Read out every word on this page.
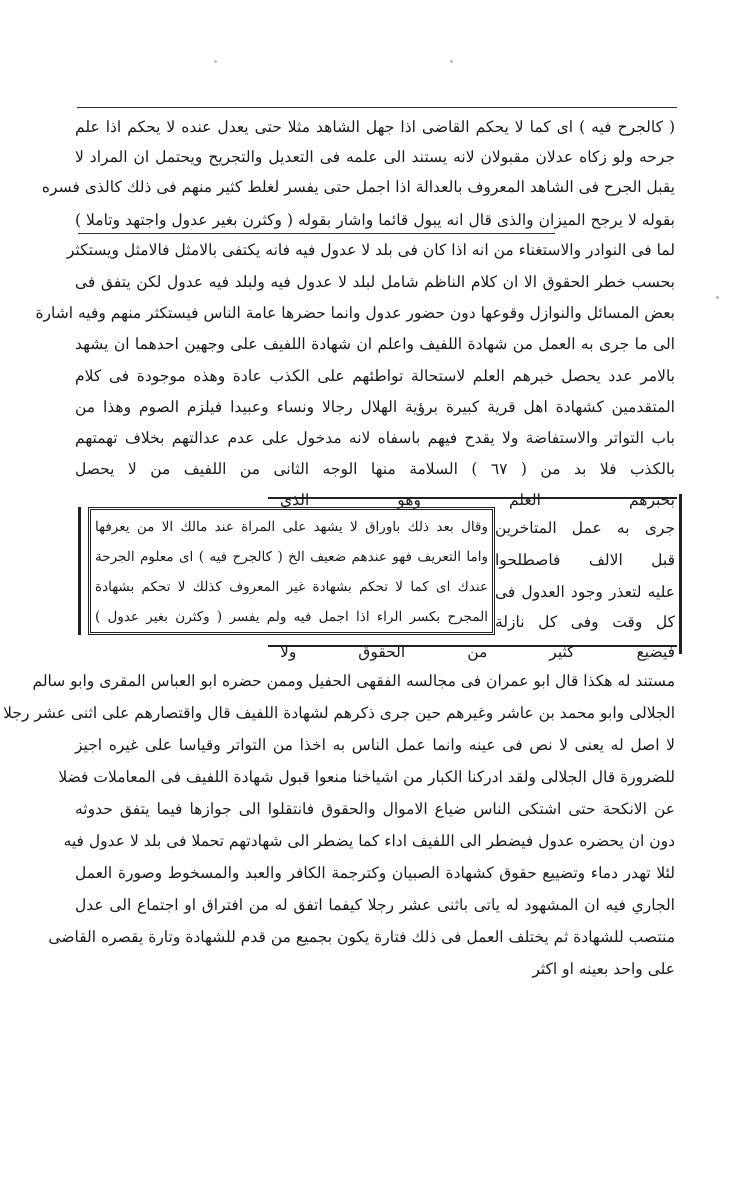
( كالجرح فيه ) اى كما لا يحكم القاضى اذا جهل الشاهد مثلا حتى يعدل عنده لا يحكم اذا علم
جرحه ولو زكاه عدلان مقبولان لانه يستند الى علمه فى التعديل والتجريح ويحتمل ان المراد لا
يقبل الجرح فى الشاهد المعروف بالعدالة اذا اجمل حتى يفسر لغلط كثير منهم فى ذلك كالذى فسره
بقوله لا يرجح الميزان والذى قال انه يبول قائما واشار بقوله ( وكثرن بغير عدول واجتهد وتاملا )
لما فى النوادر والاستغناء من انه اذا كان فى بلد لا عدول فيه فانه يكتفى بالامثل فالامثل ويستكثر
بحسب خطر الحقوق الا ان كلام الناظم شامل لبلد لا عدول فيه ولبلد فيه عدول لكن يتفق فى
بعض المسائل والنوازل وقوعها دون حضور عدول وانما حضرها عامة الناس فيستكثر منهم وفيه اشارة
الى ما جرى به العمل من شهادة اللفيف واعلم ان شهادة اللفيف على وجهين احدهما ان يشهد
بالامر عدد يحصل خبرهم العلم لاستحالة تواطئهم على الكذب عادة وهذه موجودة فى كلام
المتقدمين كشهادة اهل قرية كبيرة برؤية الهلال رجالا ونساء وعبيدا فيلزم الصوم وهذا من
باب التواتر والاستفاضة ولا يقدح فيهم باسفاه لانه مدخول على عدم عدالتهم بخلاف تهمتهم
بالكذب فلا بد من ( ٦٧ ) السلامة منها الوجه الثانى من اللفيف من لا يحصل
بخبرهم العلم وهو الذى
جرى به عمل المتاخرين
قبل الالف فاصطلحوا
عليه لتعذر وجود العدول فى
كل وقت وفى كل نازلة
فيضيع كثير من الحقوق ولا
وقال بعد ذلك باوراق لا يشهد على المراة عند مالك الا من يعرفها
واما التعريف فهو عندهم ضعيف الخ ( كالجرح فيه ) اى معلوم الجرحة
عندك اى كما لا تحكم بشهادة غير المعروف كذلك لا تحكم بشهادة
المجرح بكسر الراء اذا اجمل فيه ولم يفسر ( وكثرن بغير عدول )
مستند له هكذا قال ابو عمران فى مجالسه الفقهى الحفيل وممن حضره ابو العباس المقرى وابو سالم
الجلالى وابو محمد بن عاشر وغيرهم حين جرى ذكرهم لشهادة اللفيف قال واقتصارهم على اثنى عشر رجلا
لا اصل له يعنى لا نص فى عينه وانما عمل الناس به اخذا من التواتر وقياسا على غيره اجيز
للضرورة قال الجلالى ولقد ادركنا الكبار من اشياخنا منعوا قبول شهادة اللفيف فى المعاملات فضلا
عن الانكحة حتى اشتكى الناس ضياع الاموال والحقوق فانتقلوا الى جوازها فيما يتفق حدوثه
دون ان يحضره عدول فيضطر الى اللفيف اداء كما يضطر الى شهادتهم تحملا فى بلد لا عدول فيه
لئلا تهدر دماء وتضييع حقوق كشهادة الصبيان وكترجمة الكافر والعبد والمسخوط وصورة العمل
الجاري فيه ان المشهود له ياتى باثنى عشر رجلا كيفما اتفق له من افتراق او اجتماع الى عدل
منتصب للشهادة ثم يختلف العمل فى ذلك فتارة يكون بجميع من قدم للشهادة وتارة يقصره القاضى
على واحد بعينه او اكثر
